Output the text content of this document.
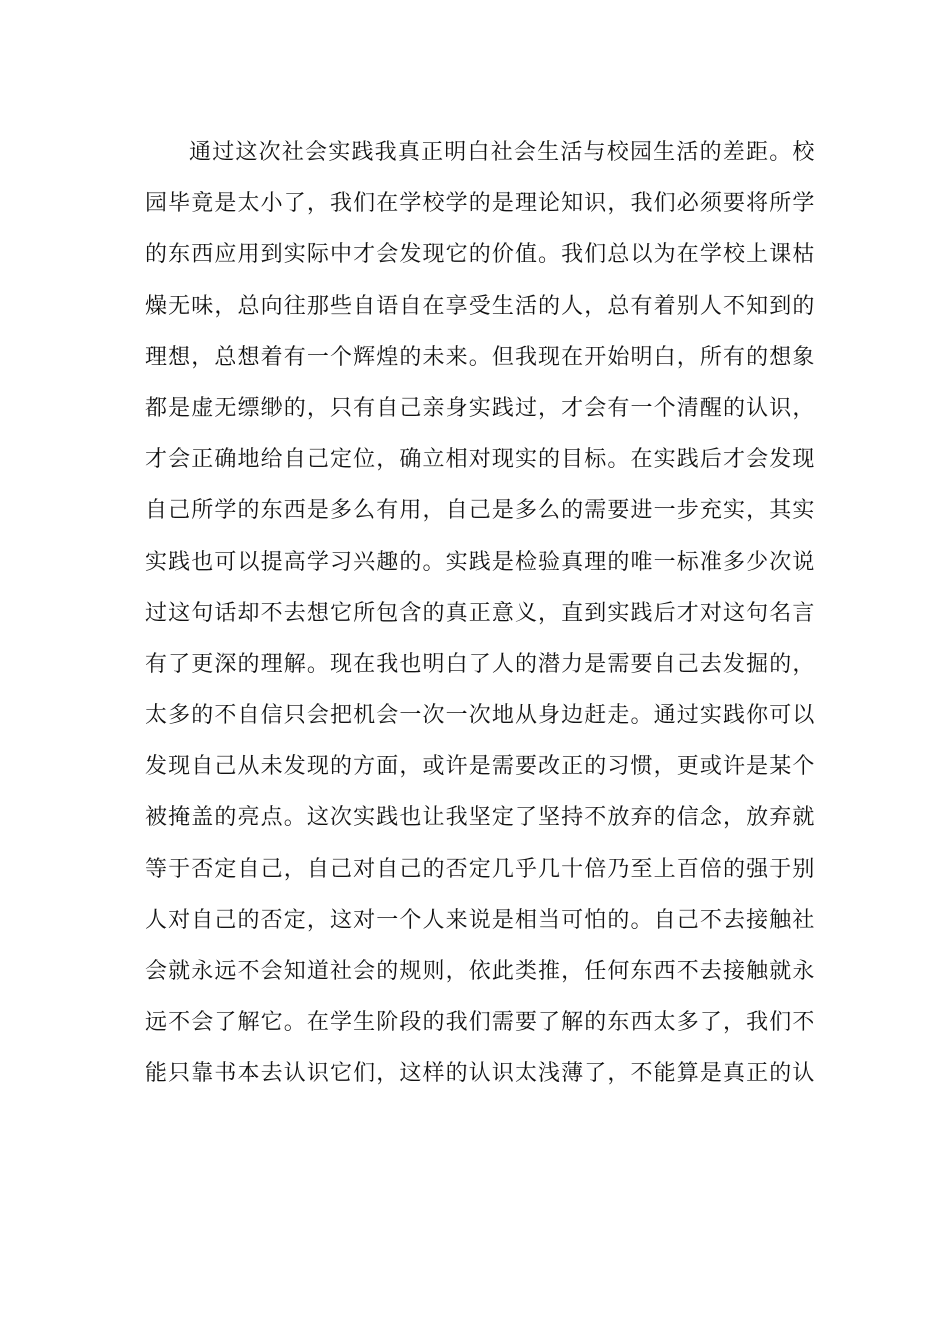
通过这次社会实践我真正明白社会生活与校园生活的差距。校
园毕竟是太小了，我们在学校学的是理论知识，我们必须要将所学
的东西应用到实际中才会发现它的价值。我们总以为在学校上课枯
燥无味，总向往那些自语自在享受生活的人，总有着别人不知到的
理想，总想着有一个辉煌的未来。但我现在开始明白，所有的想象
都是虚无缥缈的，只有自己亲身实践过，才会有一个清醒的认识，
才会正确地给自己定位，确立相对现实的目标。在实践后才会发现
自己所学的东西是多么有用，自己是多么的需要进一步充实，其实
实践也可以提高学习兴趣的。实践是检验真理的唯一标准多少次说
过这句话却不去想它所包含的真正意义，直到实践后才对这句名言
有了更深的理解。现在我也明白了人的潜力是需要自己去发掘的，
太多的不自信只会把机会一次一次地从身边赶走。通过实践你可以
发现自己从未发现的方面，或许是需要改正的习惯，更或许是某个
被掩盖的亮点。这次实践也让我坚定了坚持不放弃的信念，放弃就
等于否定自己，自己对自己的否定几乎几十倍乃至上百倍的强于别
人对自己的否定，这对一个人来说是相当可怕的。自己不去接触社
会就永远不会知道社会的规则，依此类推，任何东西不去接触就永
远不会了解它。在学生阶段的我们需要了解的东西太多了，我们不
能只靠书本去认识它们，这样的认识太浅薄了，不能算是真正的认
